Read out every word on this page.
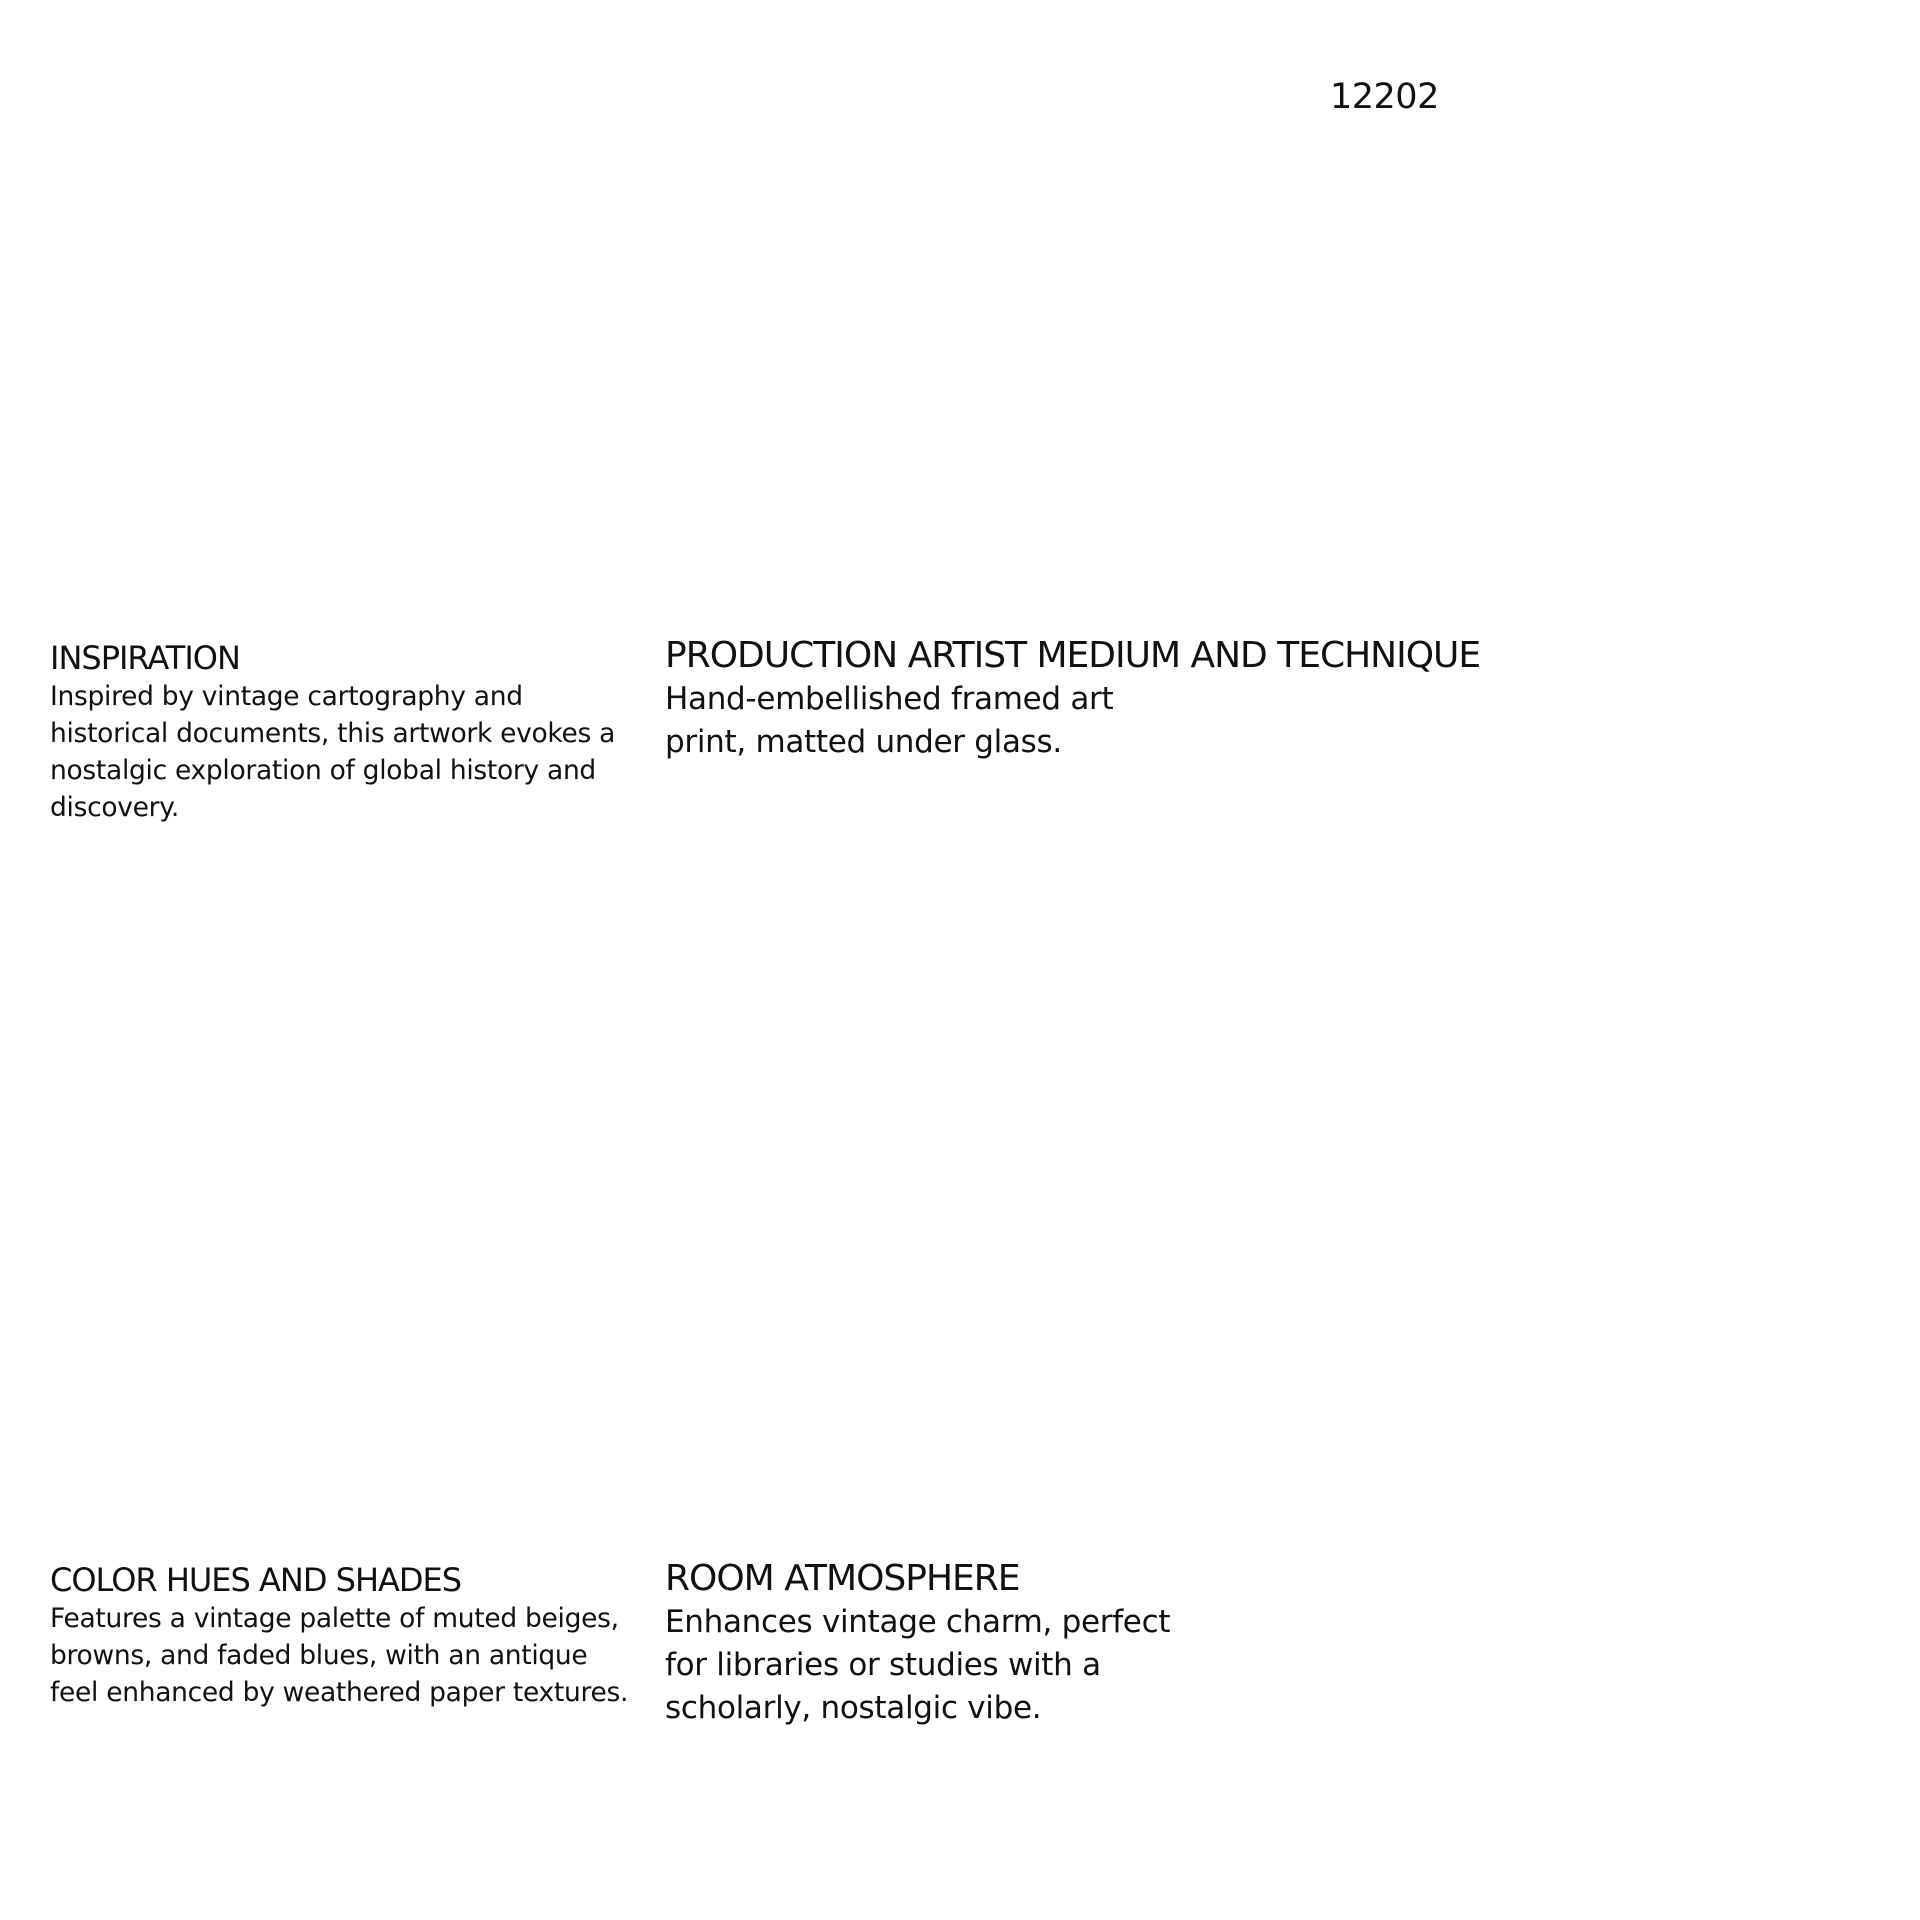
12202
INSPIRATION

Inspired by vintage cartography and historical documents, this artwork evokes a nostalgic exploration of global history and discovery.

PRODUCTION ARTIST MEDIUM AND TECHNIQUE

Hand-embellished framed art print, matted under glass.

COLOR HUES AND SHADES

Features a vintage palette of muted beiges, browns, and faded blues, with an antique feel enhanced by weathered paper textures.

ROOM ATMOSPHERE

Enhances vintage charm, perfect for libraries or studies with a scholarly, nostalgic vibe.
